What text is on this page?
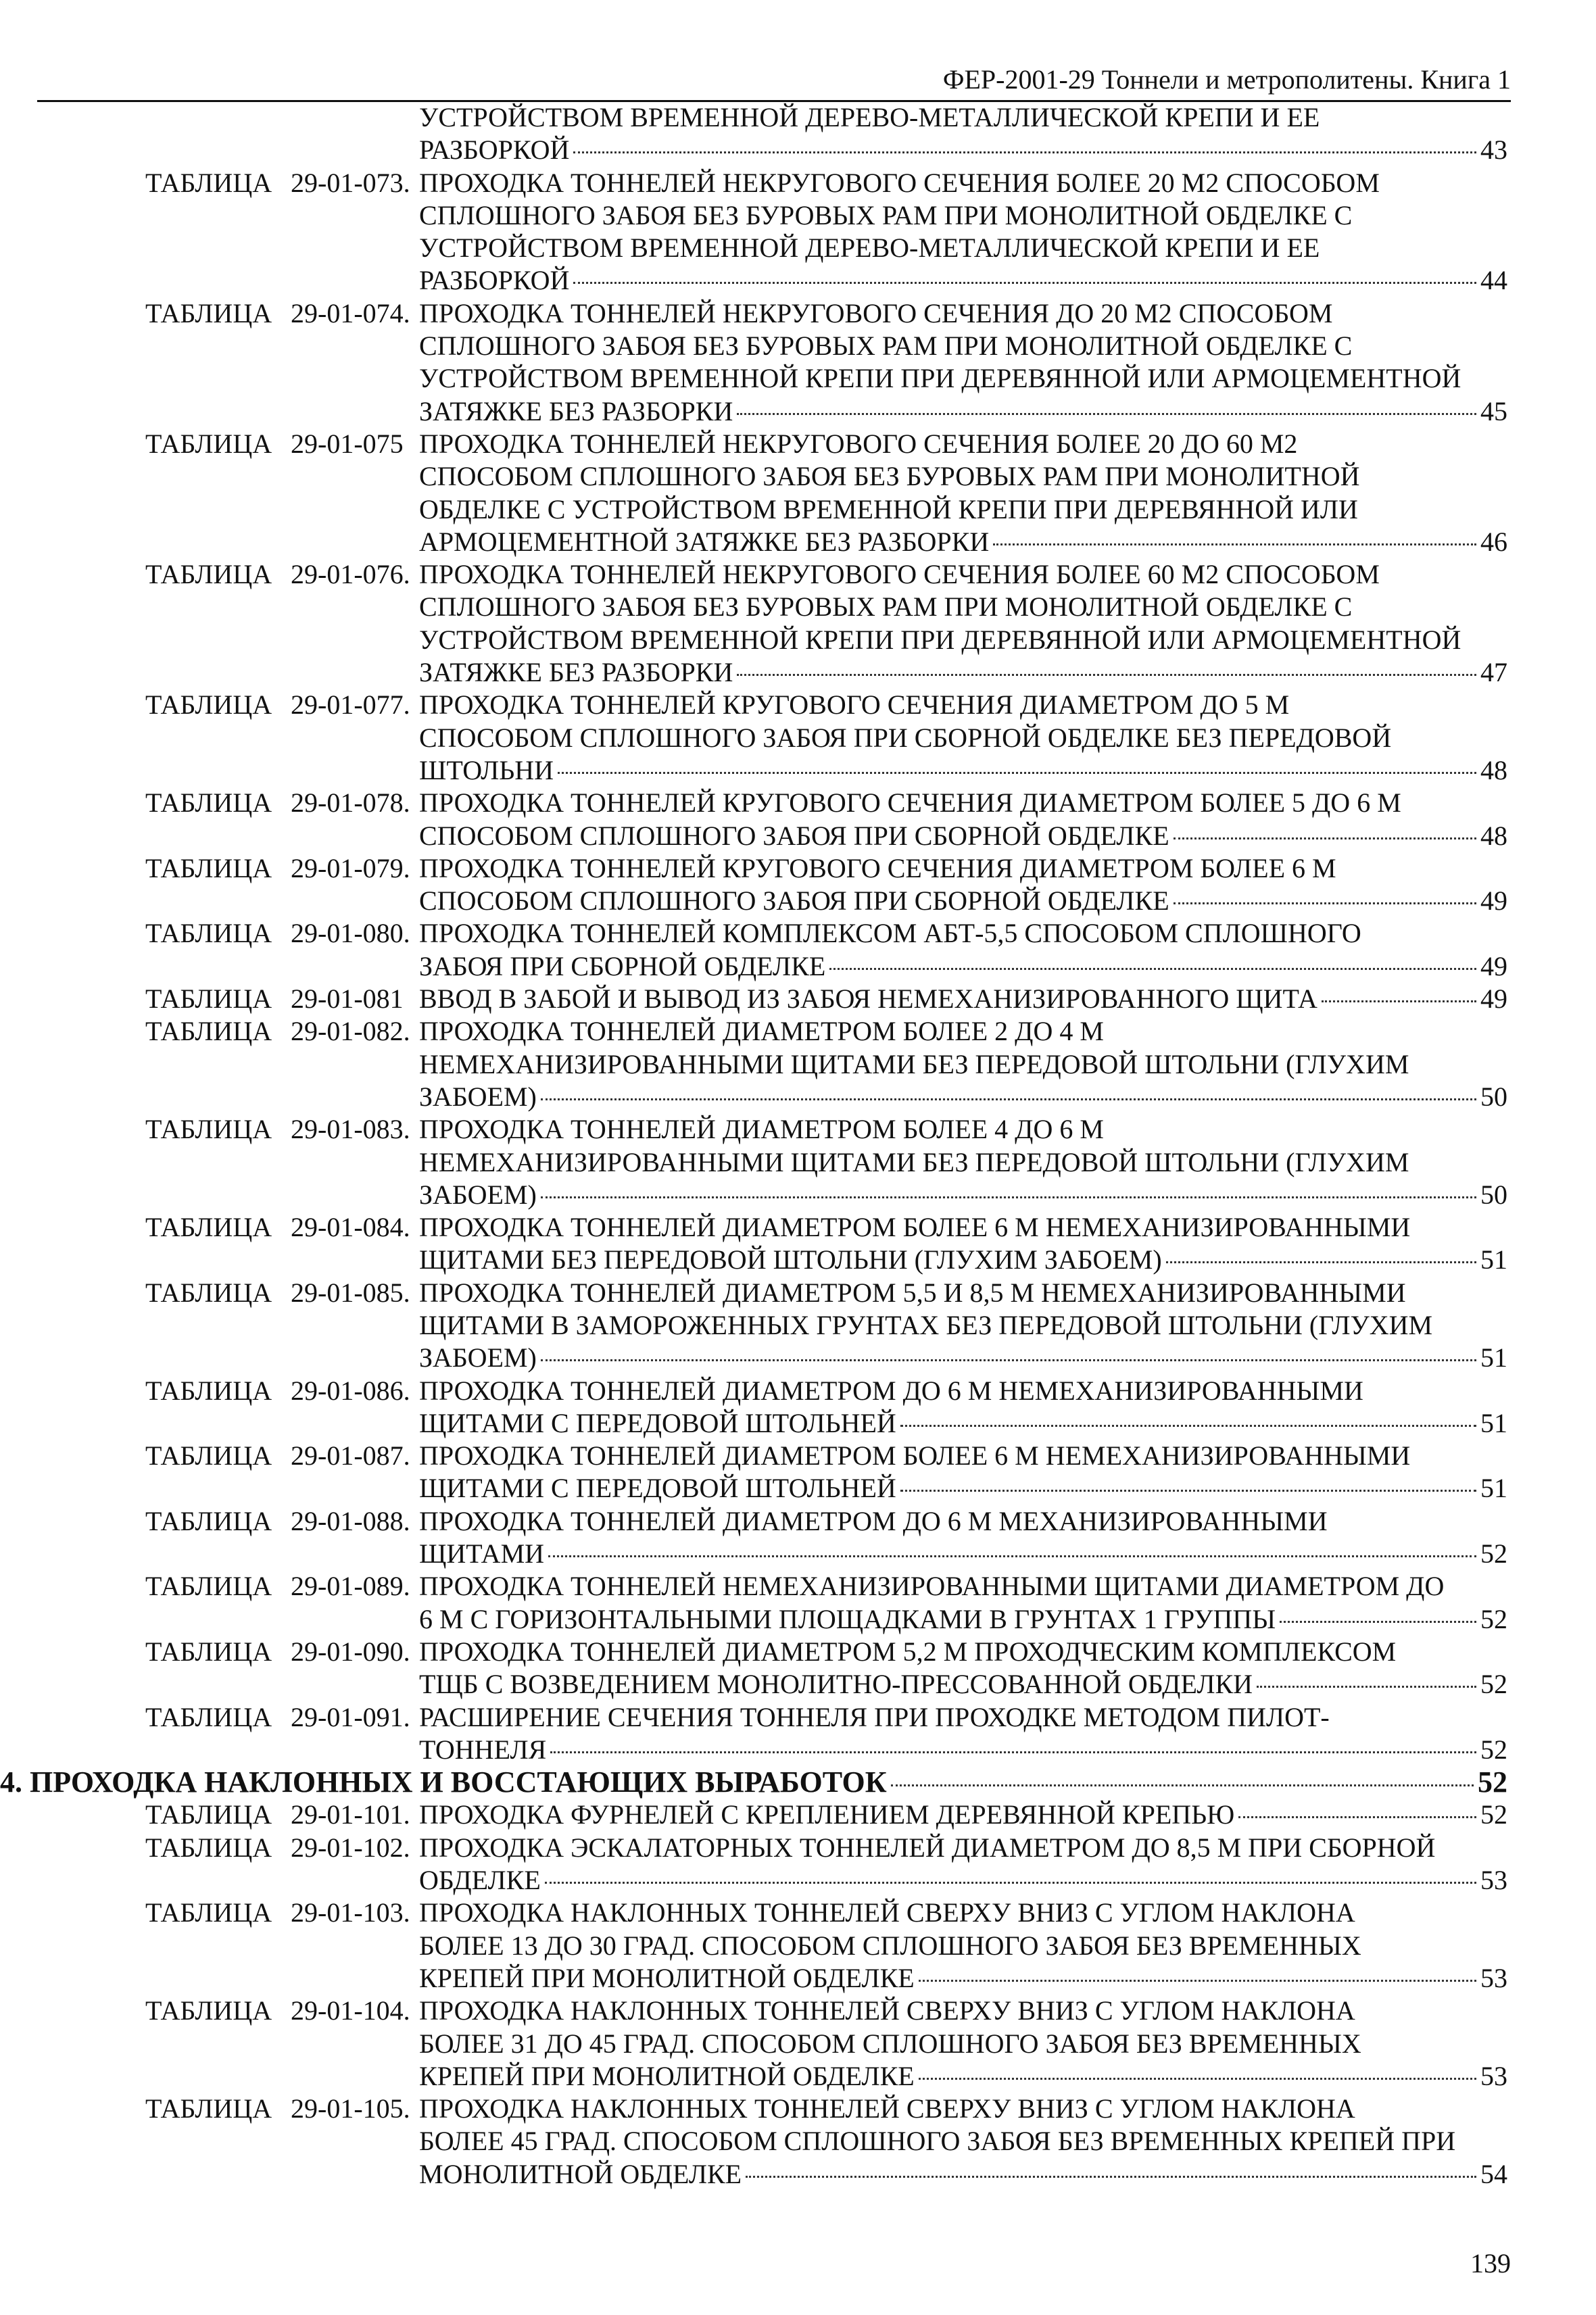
ФЕР-2001-29 Тоннели и метрополитены. Книга 1
УСТРОЙСТВОМ ВРЕМЕННОЙ ДЕРЕВО-МЕТАЛЛИЧЕСКОЙ КРЕПИ И ЕЕ
РАЗБОРКОЙ	43
ТАБЛИЦА 29-01-073. ПРОХОДКА ТОННЕЛЕЙ НЕКРУГОВОГО СЕЧЕНИЯ БОЛЕЕ 20 М2 СПОСОБОМ
СПЛОШНОГО ЗАБОЯ БЕЗ БУРОВЫХ РАМ ПРИ МОНОЛИТНОЙ ОБДЕЛКЕ С
УСТРОЙСТВОМ ВРЕМЕННОЙ ДЕРЕВО-МЕТАЛЛИЧЕСКОЙ КРЕПИ И ЕЕ
РАЗБОРКОЙ	44
ТАБЛИЦА 29-01-074. ПРОХОДКА ТОННЕЛЕЙ НЕКРУГОВОГО СЕЧЕНИЯ ДО 20 М2 СПОСОБОМ
СПЛОШНОГО ЗАБОЯ БЕЗ БУРОВЫХ РАМ ПРИ МОНОЛИТНОЙ ОБДЕЛКЕ С
УСТРОЙСТВОМ ВРЕМЕННОЙ КРЕПИ ПРИ ДЕРЕВЯННОЙ ИЛИ АРМОЦЕМЕНТНОЙ
ЗАТЯЖКЕ БЕЗ РАЗБОРКИ	45
ТАБЛИЦА 29-01-075 ПРОХОДКА ТОННЕЛЕЙ НЕКРУГОВОГО СЕЧЕНИЯ БОЛЕЕ 20 ДО 60 М2
СПОСОБОМ СПЛОШНОГО ЗАБОЯ БЕЗ БУРОВЫХ РАМ ПРИ МОНОЛИТНОЙ
ОБДЕЛКЕ С УСТРОЙСТВОМ ВРЕМЕННОЙ КРЕПИ ПРИ ДЕРЕВЯННОЙ ИЛИ
АРМОЦЕМЕНТНОЙ ЗАТЯЖКЕ БЕЗ РАЗБОРКИ	46
ТАБЛИЦА 29-01-076. ПРОХОДКА ТОННЕЛЕЙ НЕКРУГОВОГО СЕЧЕНИЯ БОЛЕЕ 60 М2 СПОСОБОМ
СПЛОШНОГО ЗАБОЯ БЕЗ БУРОВЫХ РАМ ПРИ МОНОЛИТНОЙ ОБДЕЛКЕ С
УСТРОЙСТВОМ ВРЕМЕННОЙ КРЕПИ ПРИ ДЕРЕВЯННОЙ ИЛИ АРМОЦЕМЕНТНОЙ
ЗАТЯЖКЕ БЕЗ РАЗБОРКИ	47
ТАБЛИЦА 29-01-077. ПРОХОДКА ТОННЕЛЕЙ КРУГОВОГО СЕЧЕНИЯ ДИАМЕТРОМ ДО 5 М
СПОСОБОМ СПЛОШНОГО ЗАБОЯ ПРИ СБОРНОЙ ОБДЕЛКЕ БЕЗ ПЕРЕДОВОЙ
ШТОЛЬНИ	48
ТАБЛИЦА 29-01-078. ПРОХОДКА ТОННЕЛЕЙ КРУГОВОГО СЕЧЕНИЯ ДИАМЕТРОМ БОЛЕЕ 5 ДО 6 М
СПОСОБОМ СПЛОШНОГО ЗАБОЯ ПРИ СБОРНОЙ ОБДЕЛКЕ	48
ТАБЛИЦА 29-01-079. ПРОХОДКА ТОННЕЛЕЙ КРУГОВОГО СЕЧЕНИЯ ДИАМЕТРОМ БОЛЕЕ 6 М
СПОСОБОМ СПЛОШНОГО ЗАБОЯ ПРИ СБОРНОЙ ОБДЕЛКЕ	49
ТАБЛИЦА 29-01-080. ПРОХОДКА ТОННЕЛЕЙ КОМПЛЕКСОМ АБТ-5,5 СПОСОБОМ СПЛОШНОГО
ЗАБОЯ ПРИ СБОРНОЙ ОБДЕЛКЕ	49
ТАБЛИЦА 29-01-081 ВВОД В ЗАБОЙ И ВЫВОД ИЗ ЗАБОЯ НЕМЕХАНИЗИРОВАННОГО ЩИТА	49
ТАБЛИЦА 29-01-082. ПРОХОДКА ТОННЕЛЕЙ ДИАМЕТРОМ БОЛЕЕ 2 ДО 4 М
НЕМЕХАНИЗИРОВАННЫМИ ЩИТАМИ БЕЗ ПЕРЕДОВОЙ ШТОЛЬНИ (ГЛУХИМ
ЗАБОЕМ)	50
ТАБЛИЦА 29-01-083. ПРОХОДКА ТОННЕЛЕЙ ДИАМЕТРОМ БОЛЕЕ 4 ДО 6 М
НЕМЕХАНИЗИРОВАННЫМИ ЩИТАМИ БЕЗ ПЕРЕДОВОЙ ШТОЛЬНИ (ГЛУХИМ
ЗАБОЕМ)	50
ТАБЛИЦА 29-01-084. ПРОХОДКА ТОННЕЛЕЙ ДИАМЕТРОМ БОЛЕЕ 6 М НЕМЕХАНИЗИРОВАННЫМИ
ЩИТАМИ БЕЗ ПЕРЕДОВОЙ ШТОЛЬНИ (ГЛУХИМ ЗАБОЕМ)	51
ТАБЛИЦА 29-01-085. ПРОХОДКА ТОННЕЛЕЙ ДИАМЕТРОМ 5,5 И 8,5 М НЕМЕХАНИЗИРОВАННЫМИ
ЩИТАМИ В ЗАМОРОЖЕННЫХ ГРУНТАХ БЕЗ ПЕРЕДОВОЙ ШТОЛЬНИ (ГЛУХИМ
ЗАБОЕМ)	51
ТАБЛИЦА 29-01-086. ПРОХОДКА ТОННЕЛЕЙ ДИАМЕТРОМ ДО 6 М НЕМЕХАНИЗИРОВАННЫМИ
ЩИТАМИ С ПЕРЕДОВОЙ ШТОЛЬНЕЙ	51
ТАБЛИЦА 29-01-087. ПРОХОДКА ТОННЕЛЕЙ ДИАМЕТРОМ БОЛЕЕ 6 М НЕМЕХАНИЗИРОВАННЫМИ
ЩИТАМИ С ПЕРЕДОВОЙ ШТОЛЬНЕЙ	51
ТАБЛИЦА 29-01-088. ПРОХОДКА ТОННЕЛЕЙ ДИАМЕТРОМ ДО 6 М МЕХАНИЗИРОВАННЫМИ
ЩИТАМИ	52
ТАБЛИЦА 29-01-089. ПРОХОДКА ТОННЕЛЕЙ НЕМЕХАНИЗИРОВАННЫМИ ЩИТАМИ ДИАМЕТРОМ ДО
6 М С ГОРИЗОНТАЛЬНЫМИ ПЛОЩАДКАМИ В ГРУНТАХ 1 ГРУППЫ	52
ТАБЛИЦА 29-01-090. ПРОХОДКА ТОННЕЛЕЙ ДИАМЕТРОМ 5,2 М ПРОХОДЧЕСКИМ КОМПЛЕКСОМ
ТЩБ С ВОЗВЕДЕНИЕМ МОНОЛИТНО-ПРЕССОВАННОЙ ОБДЕЛКИ	52
ТАБЛИЦА 29-01-091. РАСШИРЕНИЕ СЕЧЕНИЯ ТОННЕЛЯ ПРИ ПРОХОДКЕ МЕТОДОМ ПИЛОТ-
ТОННЕЛЯ	52
4. ПРОХОДКА НАКЛОННЫХ И ВОССТАЮЩИХ ВЫРАБОТОК	52
ТАБЛИЦА 29-01-101. ПРОХОДКА ФУРНЕЛЕЙ С КРЕПЛЕНИЕМ ДЕРЕВЯННОЙ КРЕПЬЮ	52
ТАБЛИЦА 29-01-102. ПРОХОДКА ЭСКАЛАТОРНЫХ ТОННЕЛЕЙ ДИАМЕТРОМ ДО 8,5 М ПРИ СБОРНОЙ
ОБДЕЛКЕ	53
ТАБЛИЦА 29-01-103. ПРОХОДКА НАКЛОННЫХ ТОННЕЛЕЙ СВЕРХУ ВНИЗ С УГЛОМ НАКЛОНА
БОЛЕЕ 13 ДО 30 ГРАД. СПОСОБОМ СПЛОШНОГО ЗАБОЯ БЕЗ ВРЕМЕННЫХ
КРЕПЕЙ ПРИ МОНОЛИТНОЙ ОБДЕЛКЕ	53
ТАБЛИЦА 29-01-104. ПРОХОДКА НАКЛОННЫХ ТОННЕЛЕЙ СВЕРХУ ВНИЗ С УГЛОМ НАКЛОНА
БОЛЕЕ 31 ДО 45 ГРАД. СПОСОБОМ СПЛОШНОГО ЗАБОЯ БЕЗ ВРЕМЕННЫХ
КРЕПЕЙ ПРИ МОНОЛИТНОЙ ОБДЕЛКЕ	53
ТАБЛИЦА 29-01-105. ПРОХОДКА НАКЛОННЫХ ТОННЕЛЕЙ СВЕРХУ ВНИЗ С УГЛОМ НАКЛОНА
БОЛЕЕ 45 ГРАД. СПОСОБОМ СПЛОШНОГО ЗАБОЯ БЕЗ ВРЕМЕННЫХ КРЕПЕЙ ПРИ
МОНОЛИТНОЙ ОБДЕЛКЕ	54
139
